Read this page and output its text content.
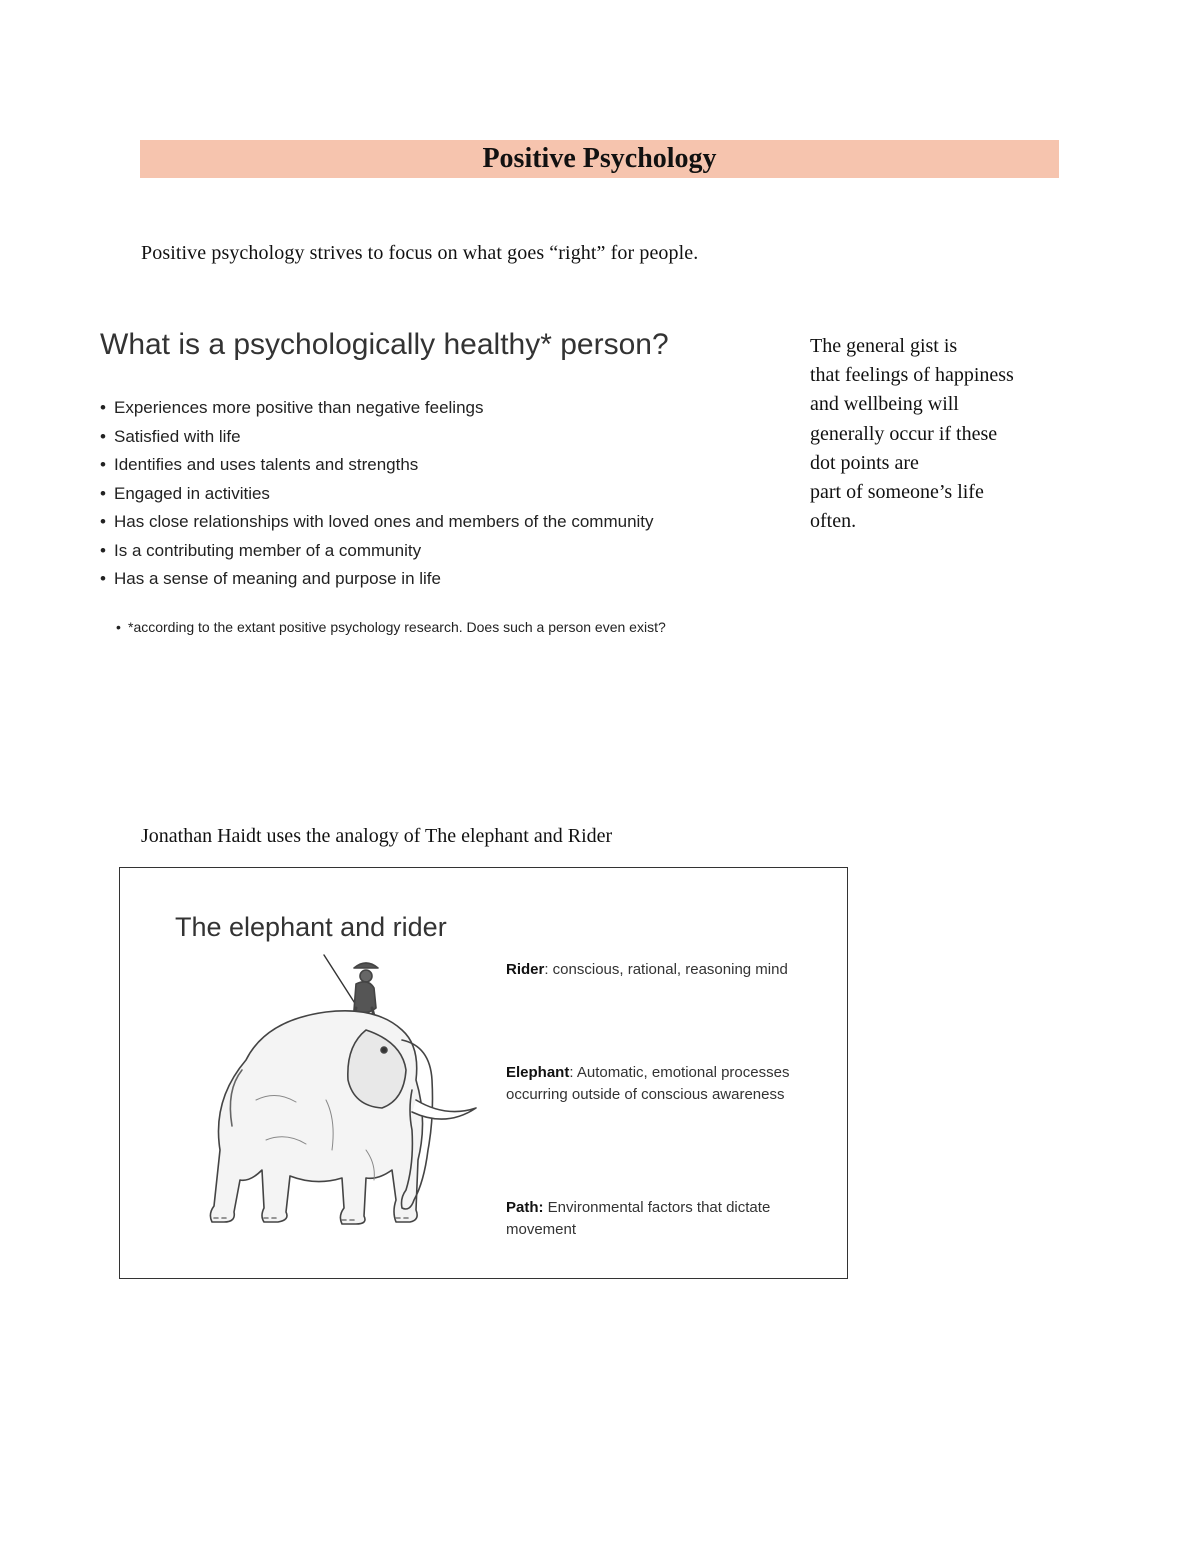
Positive Psychology
Positive psychology strives to focus on what goes “right” for people.

What is a psychologically healthy* person?

• Experiences more positive than negative feelings
• Satisfied with life
• Identifies and uses talents and strengths
• Engaged in activities
• Has close relationships with loved ones and members of the community
• Is a contributing member of a community
• Has a sense of meaning and purpose in life
• *according to the extant positive psychology research. Does such a person even exist?
The general gist is
that feelings of happiness
and wellbeing will
generally occur if these
dot points are
part of someone’s life
often.
Jonathan Haidt uses the analogy of The elephant and Rider
The elephant and rider
Rider: conscious, rational, reasoning mind
Elephant: Automatic, emotional processes occurring outside of conscious awareness
Path: Environmental factors that dictate movement
